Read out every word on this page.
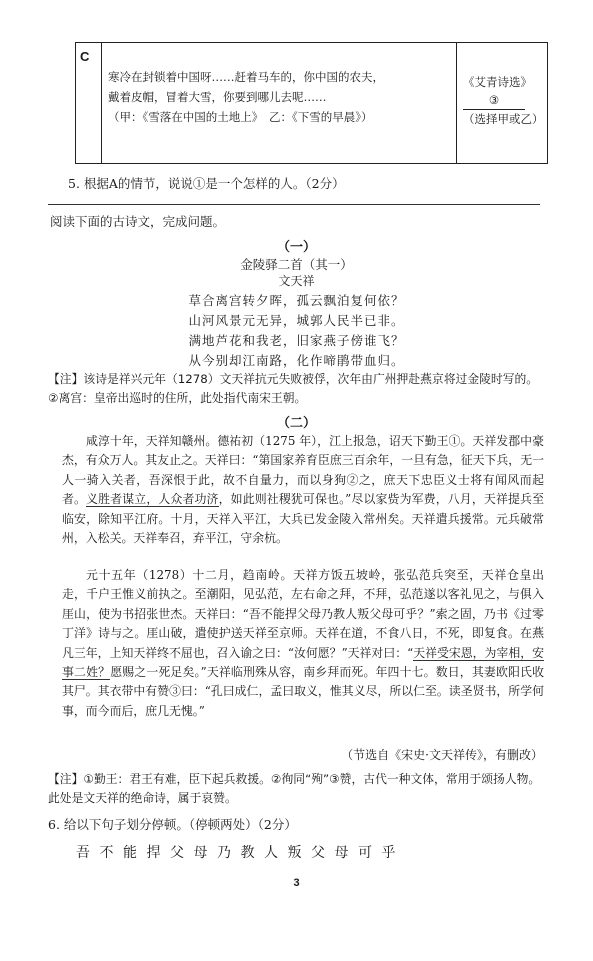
C
寒冷在封锁着中国呀……赶着马车的，你中国的农夫，
戴着皮帽，冒着大雪，你要到哪儿去呢……
（甲：《雪落在中国的土地上》　乙：《下雪的早晨》）
《艾青诗选》
③
（选择甲或乙）
5. 根据A的情节，说说①是一个怎样的人。（2分）
阅读下面的古诗文，完成问题。
（一）
金陵驿二首（其一）
文天祥
草合离宫转夕晖，孤云飘泊复何依？
山河风景元无异，城郭人民半已非。
满地芦花和我老，旧家燕子傍谁飞？
从今别却江南路，化作啼鹃带血归。
【注】该诗是祥兴元年（1278）文天祥抗元失败被俘，次年由广州押赴燕京将过金陵时写的。②离宫：皇帝出巡时的住所，此处指代南宋王朝。
（二）
咸淳十年，天祥知赣州。德祐初（1275 年），江上报急，诏天下勤王①。天祥发郡中豪杰，有众万人。其友止之。天祥曰：“第国家养育臣庶三百余年，一旦有急，征天下兵，无一人一骑入关者，吾深恨于此，故不自量力，而以身狗②之，庶天下忠臣义士将有闻风而起者。义胜者谋立，人众者功济，如此则社稷犹可保也。”尽以家赀为军费，八月，天祥提兵至临安，除知平江府。十月，天祥入平江，大兵已发金陵入常州矣。天祥遣兵援常。元兵破常州，入松关。天祥奉召，弃平江，守余杭。
元十五年（1278）十二月，趋南岭。天祥方饭五坡岭，张弘范兵突至，天祥仓皇出走，千户王惟义前执之。至潮阳，见弘范，左右命之拜，不拜，弘范遂以客礼见之，与俱入厓山，使为书招张世杰。天祥曰：“吾不能捍父母乃教人叛父母可乎？”索之固，乃书《过零丁洋》诗与之。厓山破，遣使护送天祥至京师。天祥在道，不食八日，不死，即复食。在燕凡三年，上知天祥终不屈也，召入谕之曰：“汝何愿？”天祥对曰：“天祥受宋恩，为宰相，安事二姓？愿赐之一死足矣。”天祥临刑殊从容，南乡拜而死。年四十七。数日，其妻欧阳氏收其尸。其衣带中有赞③曰：“孔曰成仁，孟曰取义，惟其义尽，所以仁至。读圣贤书，所学何事，而今而后，庶几无愧。”
（节选自《宋史·文天祥传》，有删改）
【注】①勤王：君王有难，臣下起兵救援。②徇同“殉”③赞，古代一种文体，常用于颂扬人物。此处是文天祥的绝命诗，属于哀赞。
6. 给以下句子划分停顿。（停顿两处）（2分）
吾不能捍父母乃教人叛父母可乎
3
